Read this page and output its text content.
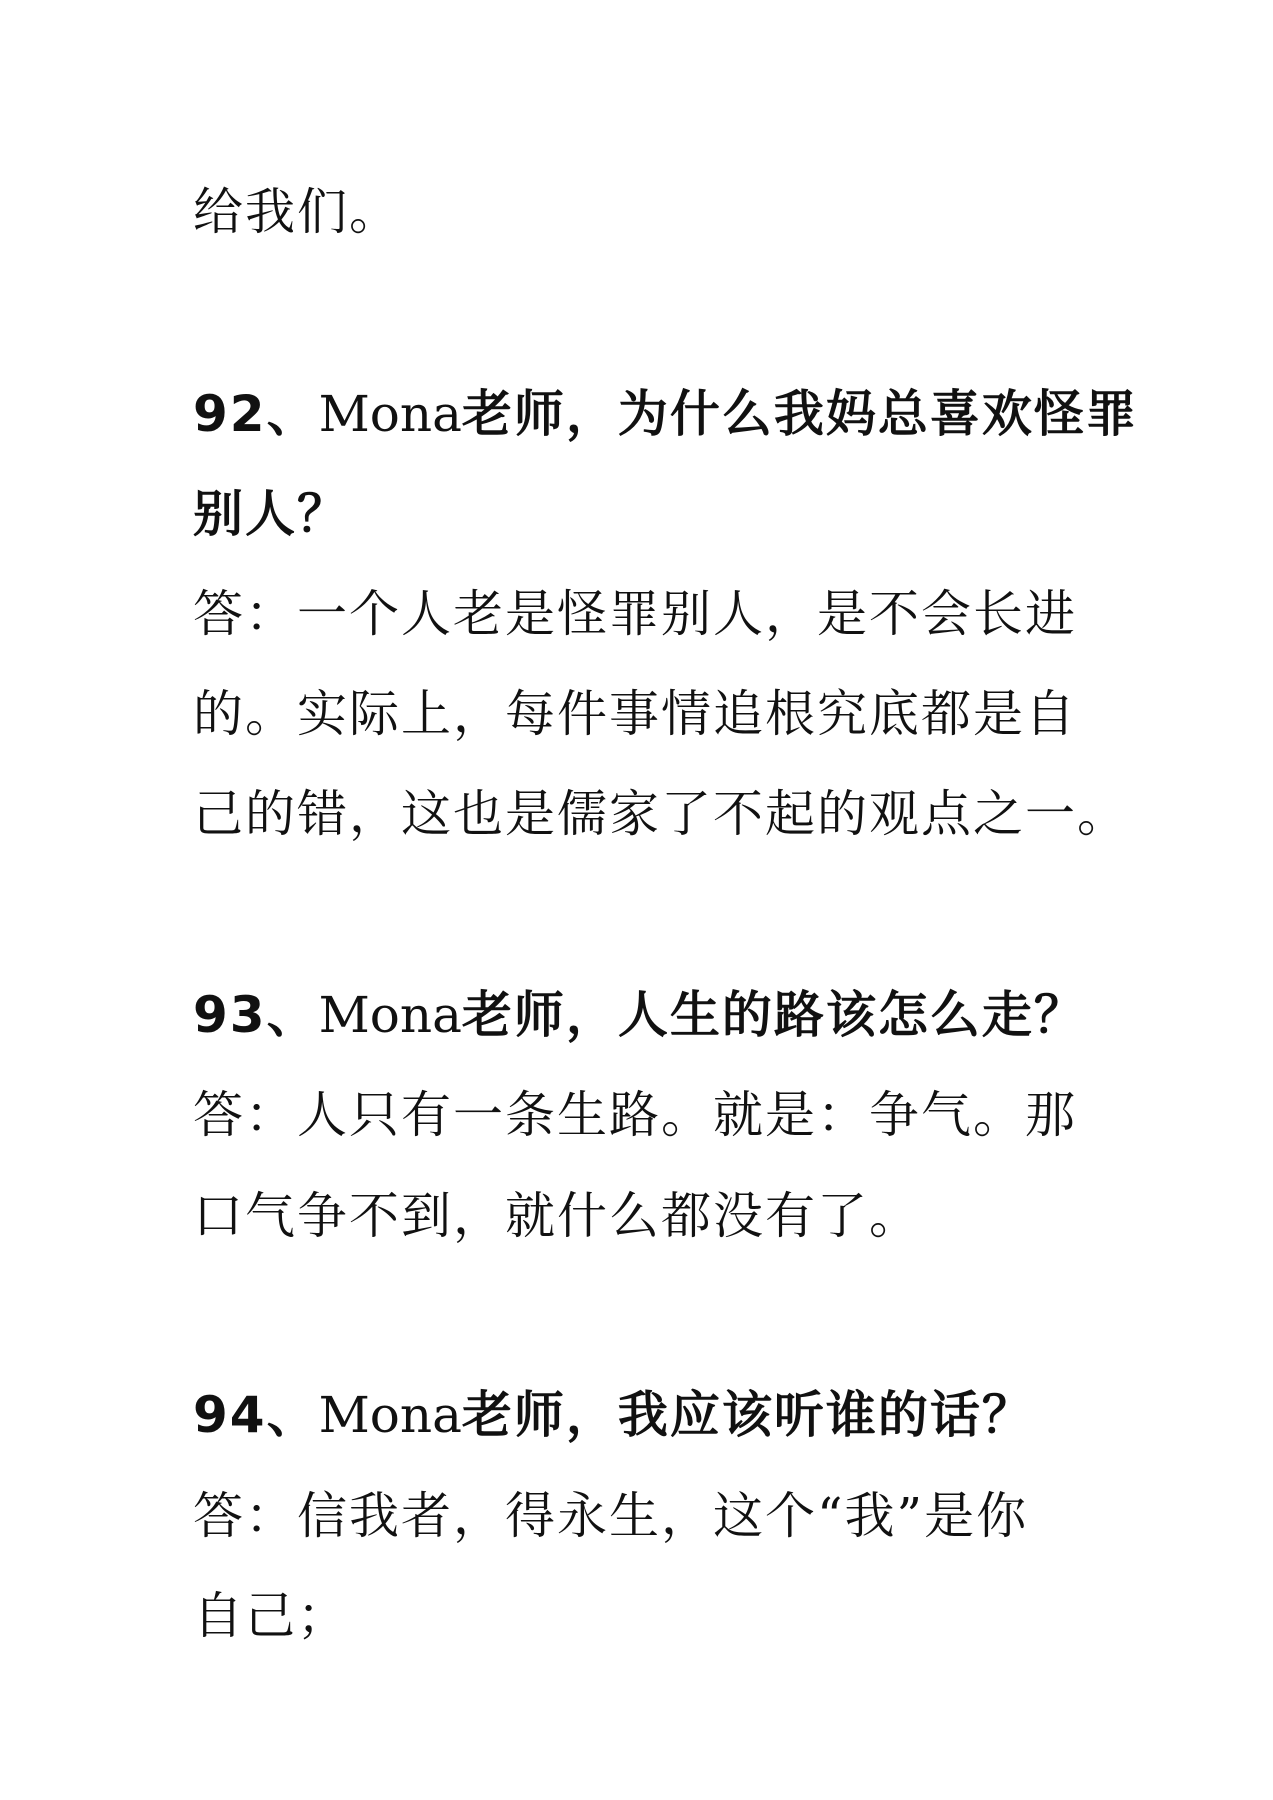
给我们。
92、Mona老师，为什么我妈总喜欢怪罪
别人？
答：一个人老是怪罪别人，是不会长进
的。实际上，每件事情追根究底都是自
己的错，这也是儒家了不起的观点之一。
93、Mona老师，人生的路该怎么走？
答：人只有一条生路。就是：争气。那
口气争不到，就什么都没有了。
94、Mona老师，我应该听谁的话？
答：信我者，得永生，这个“我”是你
自己；
